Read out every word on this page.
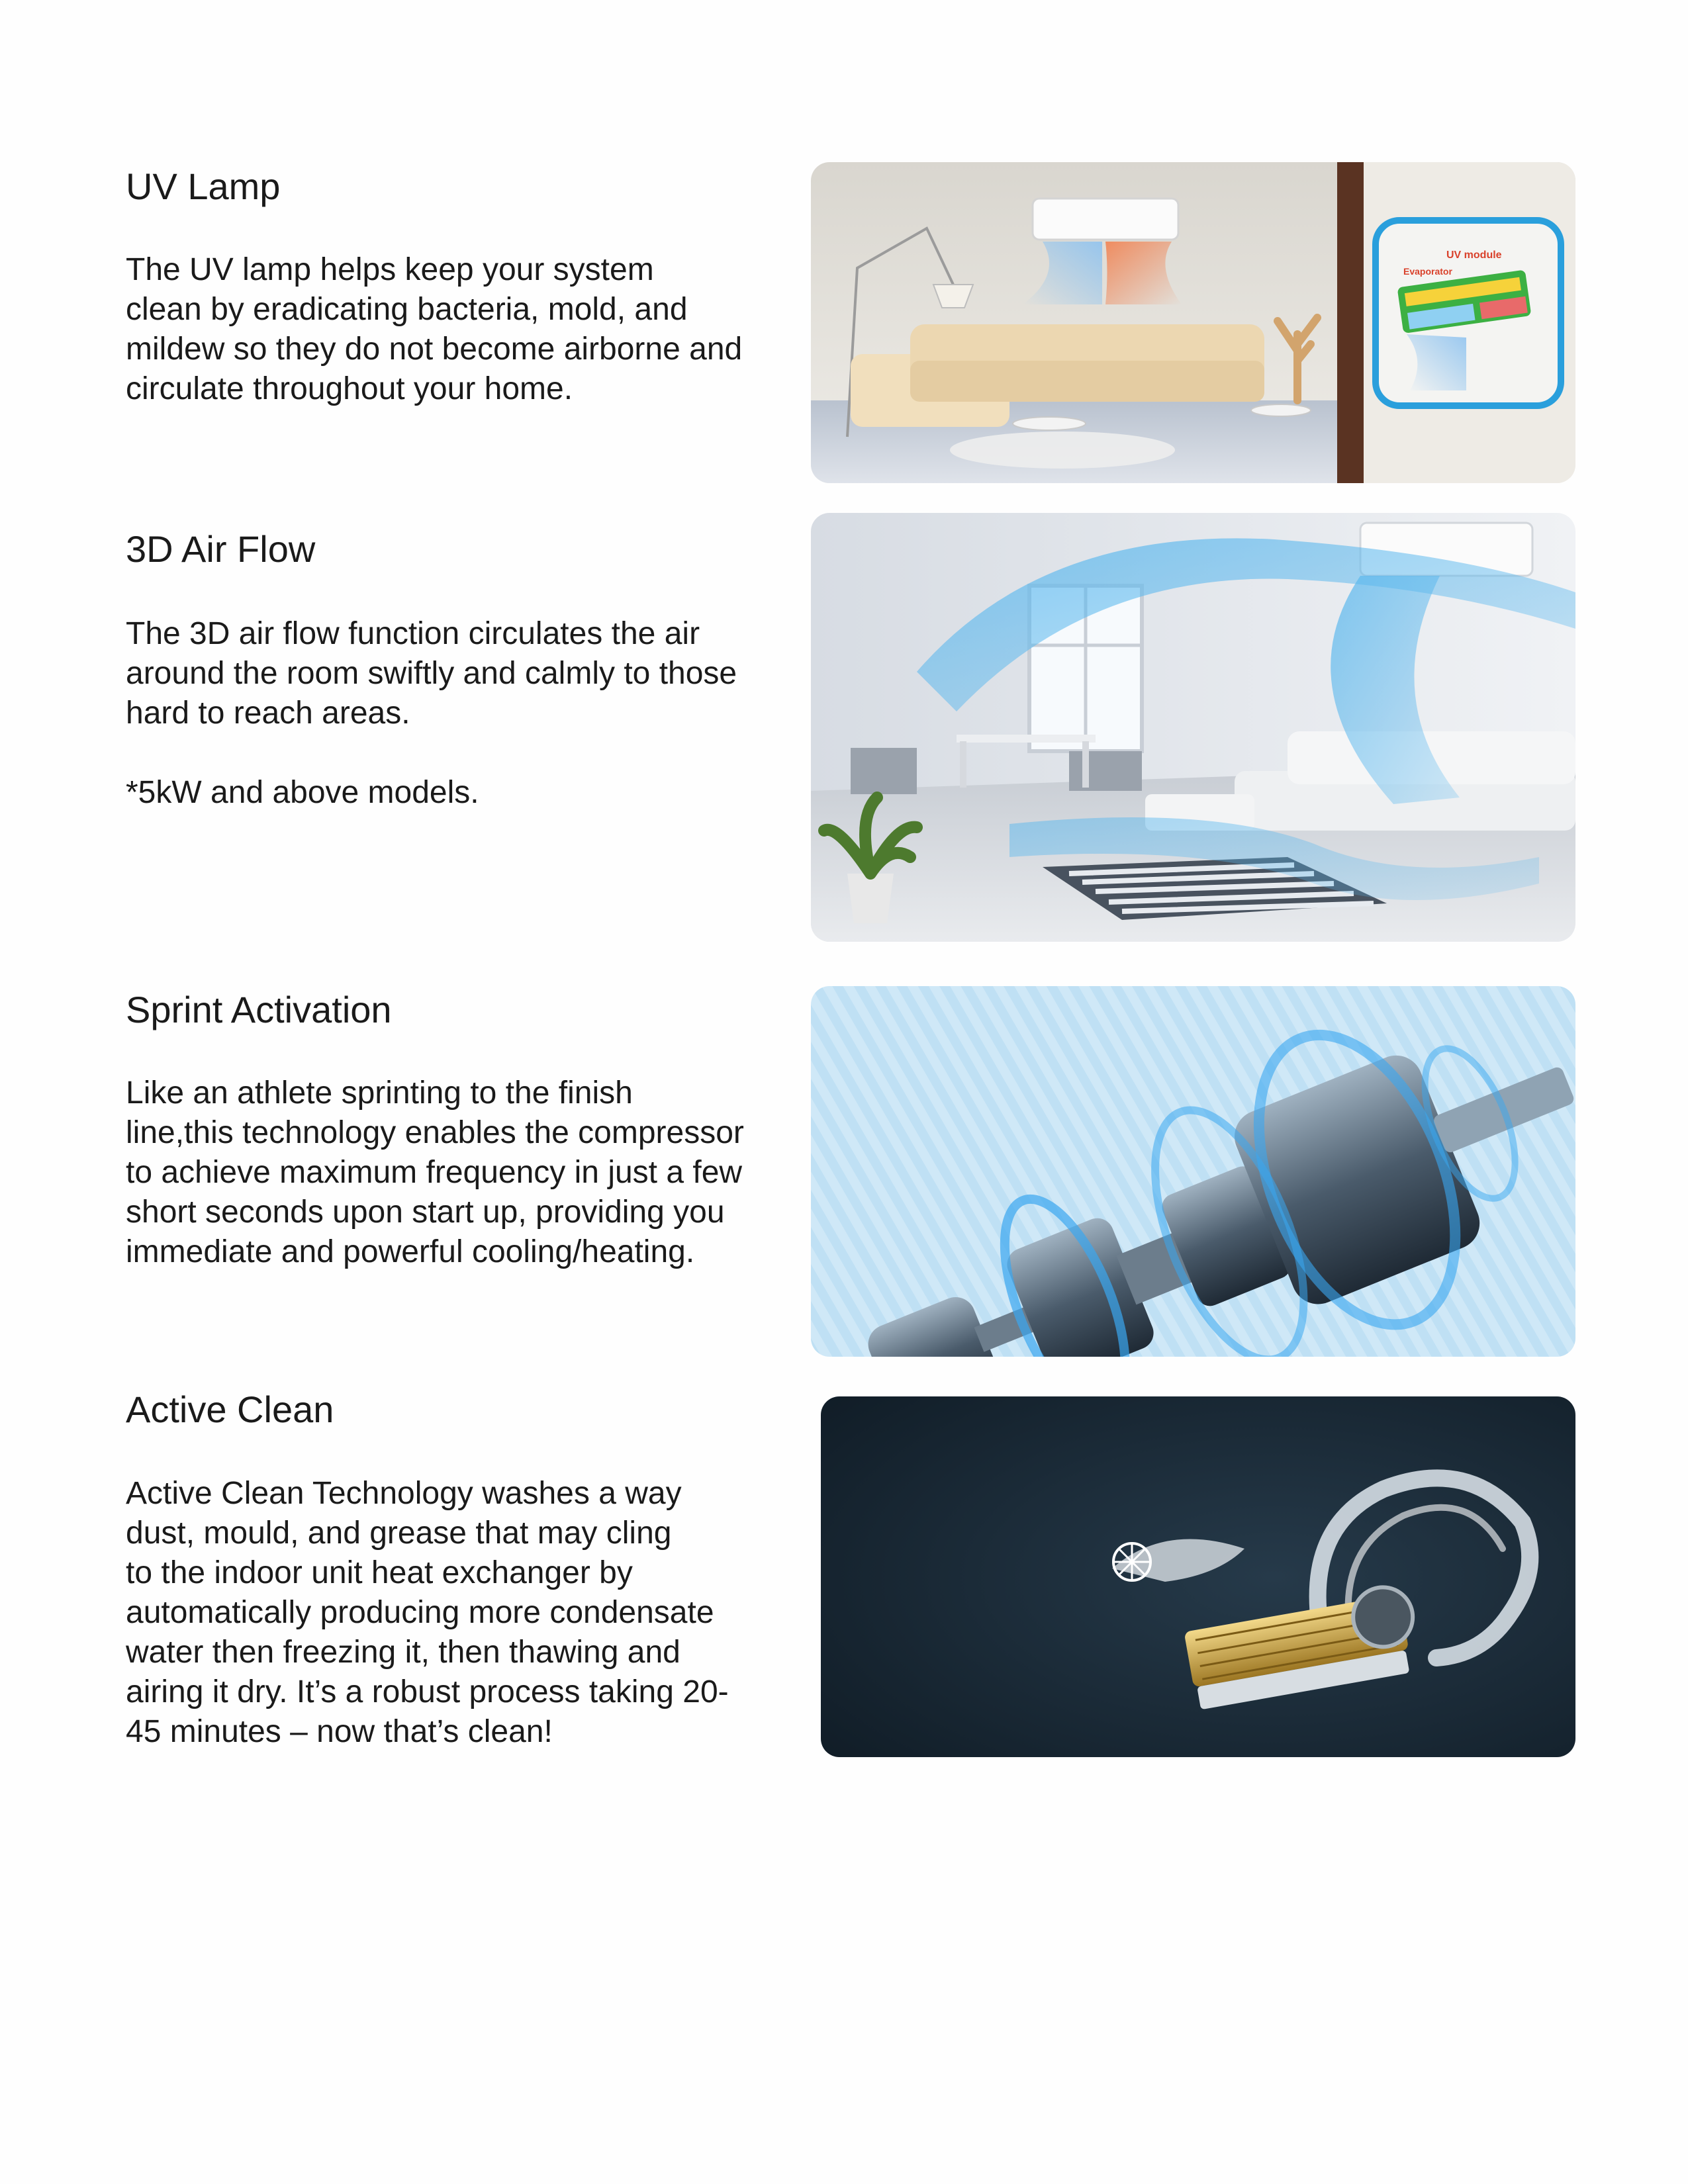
UV Lamp

The UV lamp helps keep your system
clean by eradicating bacteria, mold, and
mildew so they do not become airborne and
circulate throughout your home.

UV module
Evaporator
3D Air Flow

The 3D air flow function circulates the air
around the room swiftly and calmly to those
hard to reach areas.

*5kW and above models.

Sprint Activation

Like an athlete sprinting to the finish
line,this technology enables the compressor
to achieve maximum frequency in just a few
short seconds upon start up, providing you
immediate and powerful cooling/heating.

Active Clean

Active Clean Technology washes a way
dust, mould, and grease that may cling
to the indoor unit heat exchanger by
automatically producing more condensate
water then freezing it, then thawing and
airing it dry. It’s a robust process taking 20-
45 minutes – now that’s clean!
